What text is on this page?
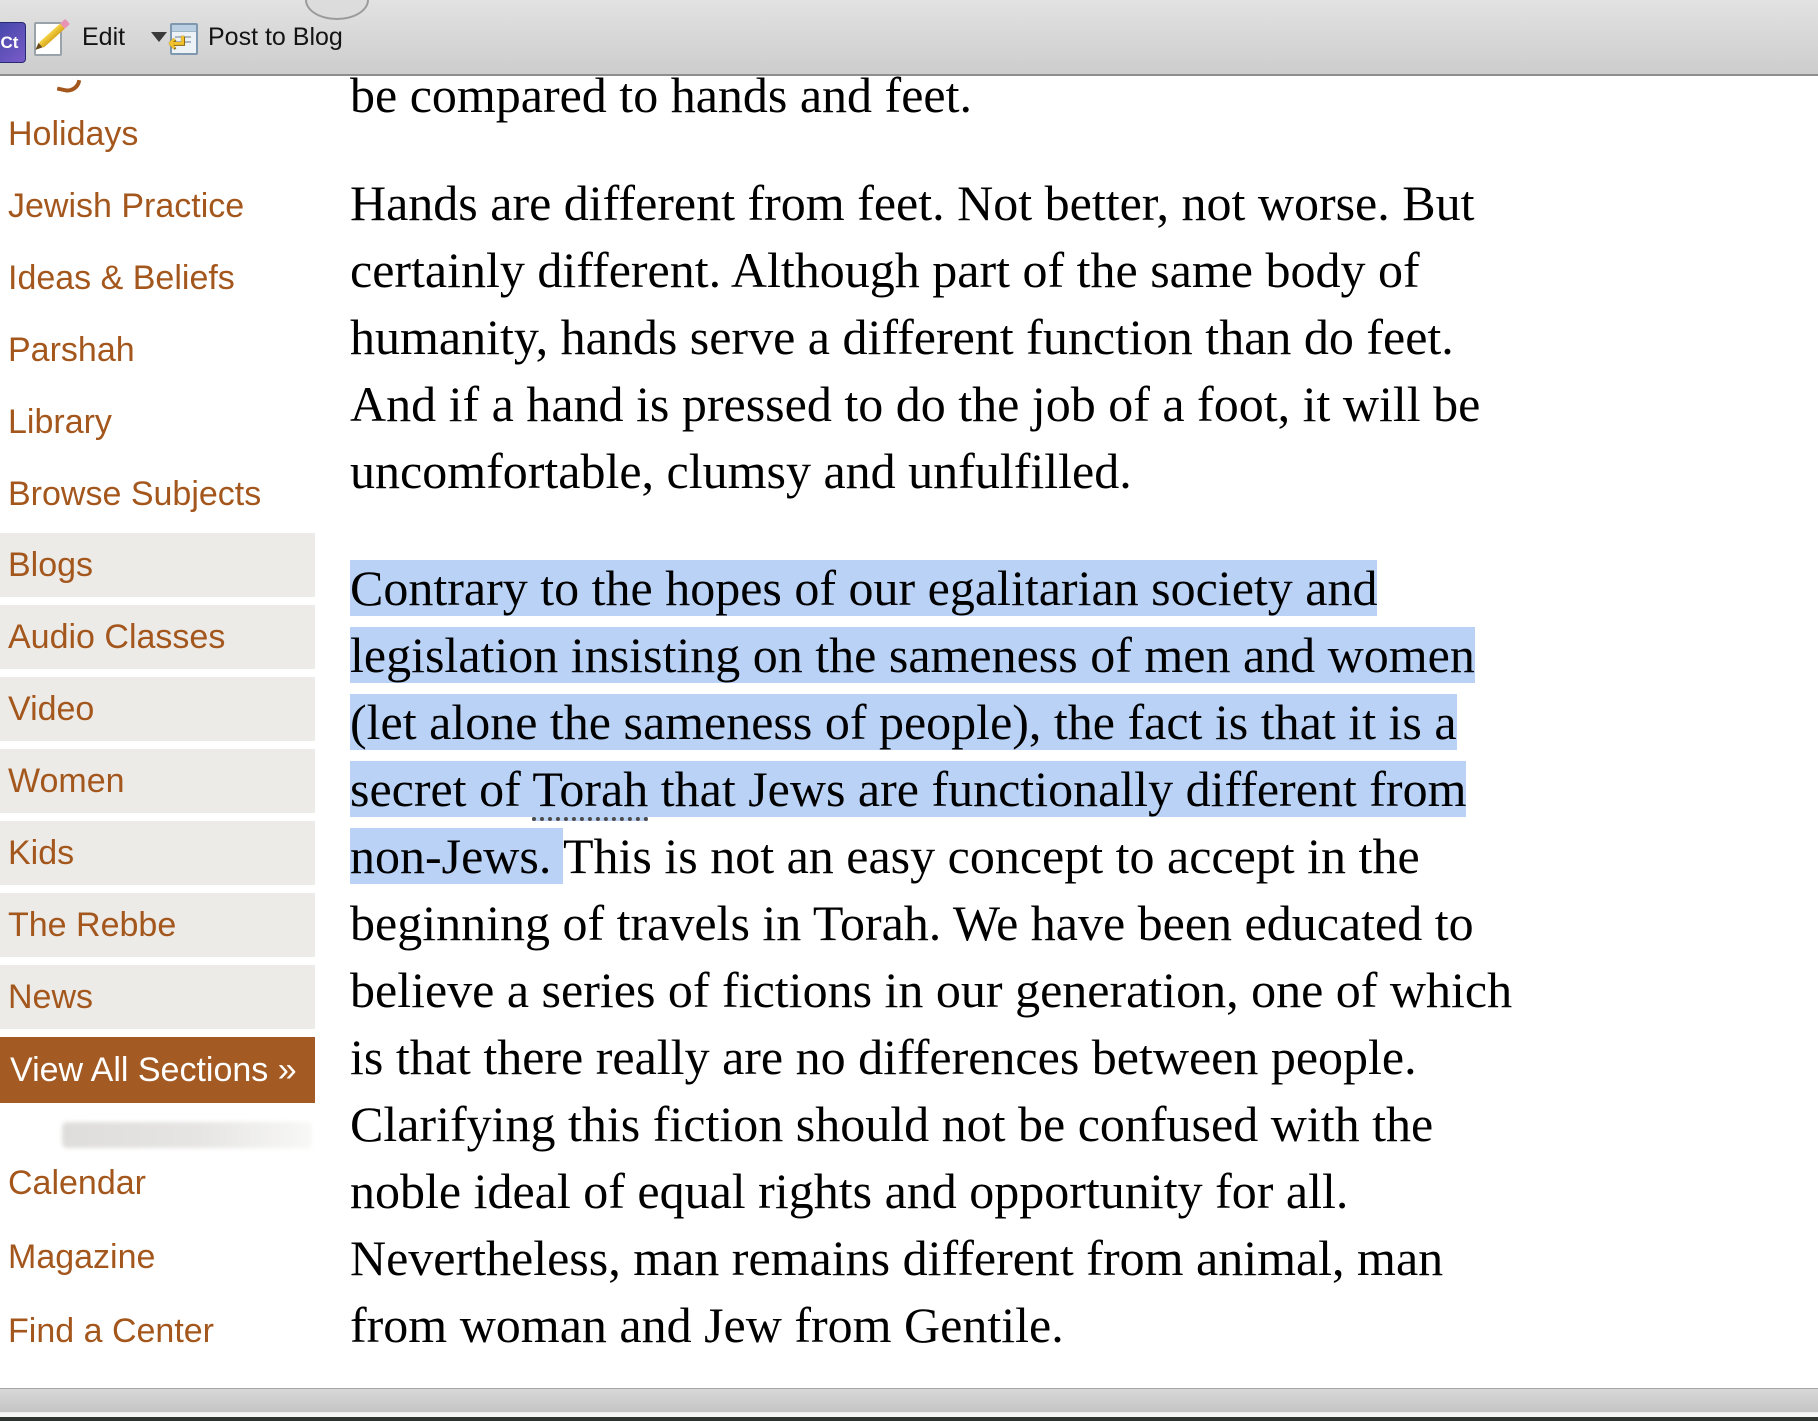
Ct	Edit ↵ Post to Blog
Holidays
Jewish Practice
Ideas & Beliefs
Parshah
Library
Browse Subjects
Blogs
Audio Classes
Video
Women
Kids
The Rebbe
News
View All Sections »
Calendar
Magazine
Find a Center
be compared to hands and feet.
Hands are different from feet. Not better, not worse. But
certainly different. Although part of the same body of
humanity, hands serve a different function than do feet.
And if a hand is pressed to do the job of a foot, it will be
uncomfortable, clumsy and unfulfilled.
Contrary to the hopes of our egalitarian society and
legislation insisting on the sameness of men and women
(let alone the sameness of people), the fact is that it is a
secret of Torah that Jews are functionally different from
non-Jews. This is not an easy concept to accept in the
beginning of travels in Torah. We have been educated to
believe a series of fictions in our generation, one of which
is that there really are no differences between people.
Clarifying this fiction should not be confused with the
noble ideal of equal rights and opportunity for all.
Nevertheless, man remains different from animal, man
from woman and Jew from Gentile.
